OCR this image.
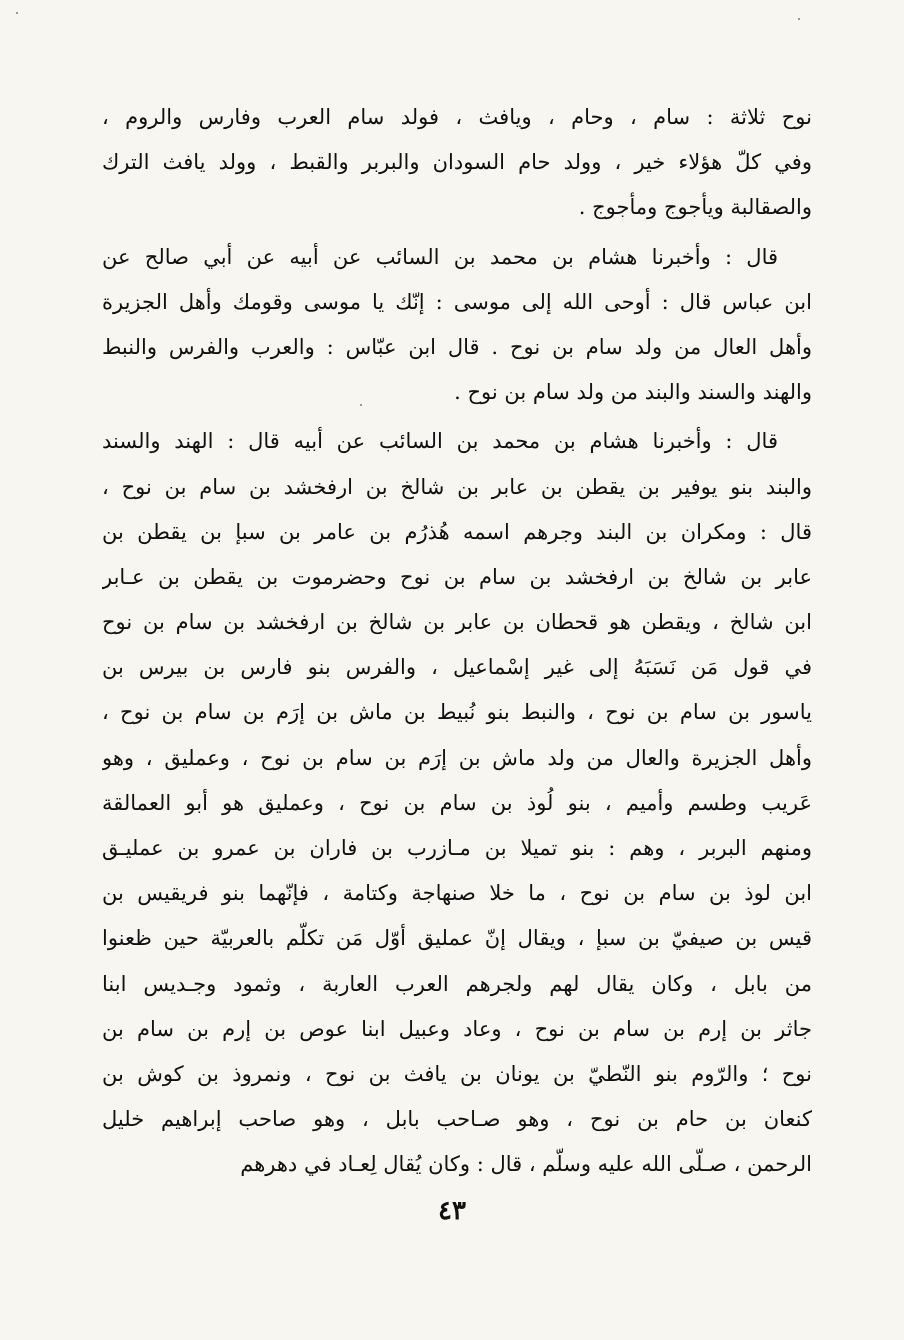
نوح ثلاثة : سام ، وحام ، ويافث ، فولد سام العرب وفارس والروم ،
وفي كلّ هؤلاء خير ، وولد حام السودان والبربر والقبط ، وولد يافث الترك
والصقالبة ويأجوج ومأجوج .
قال : وأخبرنا هشام بن محمد بن السائب عن أبيه عن أبي صالح عن
ابن عباس قال : أوحى الله إلى موسى : إنّك يا موسى وقومك وأهل الجزيرة
وأهل العال من ولد سام بن نوح . قال ابن عبّاس : والعرب والفرس والنبط
والهند والسند والبند من ولد سام بن نوح .
قال : وأخبرنا هشام بن محمد بن السائب عن أبيه قال : الهند والسند
والبند بنو يوفير بن يقطن بن عابر بن شالخ بن ارفخشد بن سام بن نوح ،
قال : ومكران بن البند وجرهم اسمه هُذرُم بن عامر بن سبإ بن يقطن بن
عابر بن شالخ بن ارفخشد بن سام بن نوح وحضرموت بن يقطن بن عـابر
ابن شالخ ، ويقطن هو قحطان بن عابر بن شالخ بن ارفخشد بن سام بن نوح
في قول مَن نَسَبَهُ إلى غير إسْماعيل ، والفرس بنو فارس بن بيرس بن
ياسور بن سام بن نوح ، والنبط بنو نُبيط بن ماش بن إرَم بن سام بن نوح ،
وأهل الجزيرة والعال من ولد ماش بن إرَم بن سام بن نوح ، وعمليق ، وهو
عَريب وطسم وأميم ، بنو لُوذ بن سام بن نوح ، وعمليق هو أبو العمالقة
ومنهم البربر ، وهم : بنو تميلا بن مـازرب بن فاران بن عمرو بن عمليـق
ابن لوذ بن سام بن نوح ، ما خلا صنهاجة وكتامة ، فإنّهما بنو فريقيس بن
قيس بن صيفيّ بن سبإ ، ويقال إنّ عمليق أوّل مَن تكلّم بالعربيّة حين ظعنوا
من بابل ، وكان يقال لهم ولجرهم العرب العاربة ، وثمود وجـديس ابنا
جاثر بن إرم بن سام بن نوح ، وعاد وعبيل ابنا عوص بن إرم بن سام بن
نوح ؛ والرّوم بنو النّطيّ بن يونان بن يافث بن نوح ، ونمروذ بن كوش بن
كنعان بن حام بن نوح ، وهو صـاحب بابل ، وهو صاحب إبراهيم خليل
الرحمن ، صـلّى الله عليه وسلّم ، قال : وكان يُقال لِعـاد في دهرهم
٤٣
